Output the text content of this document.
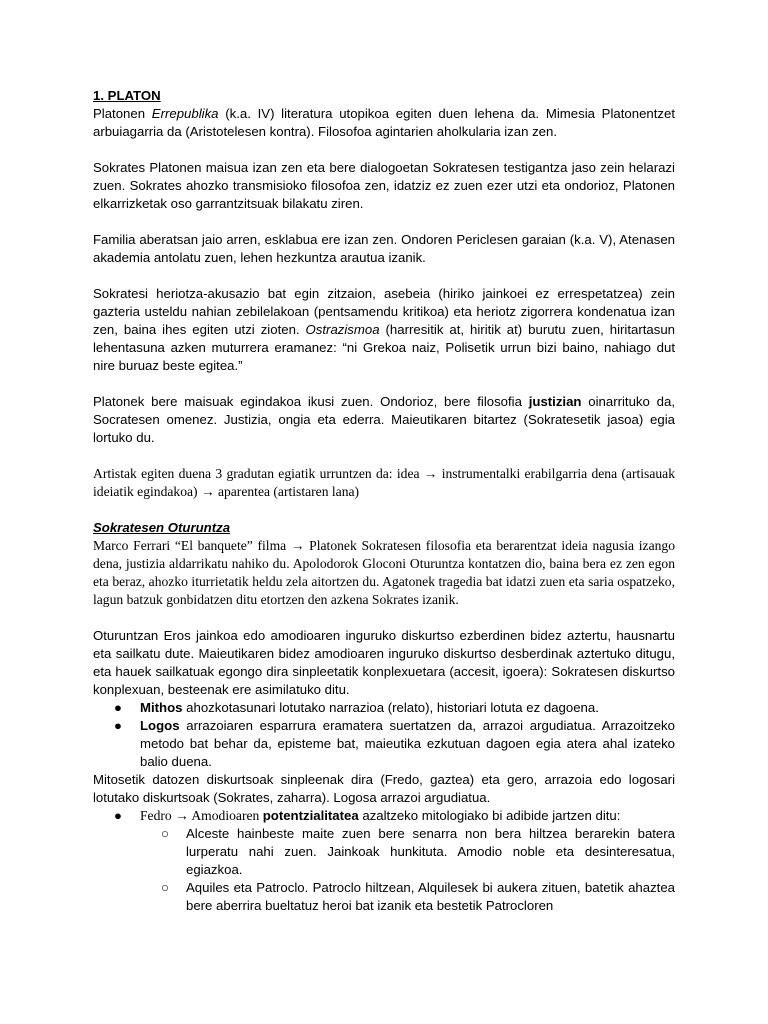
1. PLATON

Platonen Errepublika (k.a. IV) literatura utopikoa egiten duen lehena da. Mimesia Platonentzet arbuiagarria da (Aristotelesen kontra). Filosofoa agintarien aholkularia izan zen.

Sokrates Platonen maisua izan zen eta bere dialogoetan Sokratesen testigantza jaso zein helarazi zuen. Sokrates ahozko transmisioko filosofoa zen, idatziz ez zuen ezer utzi eta ondorioz, Platonen elkarrizketak oso garrantzitsuak bilakatu ziren.

Familia aberatsan jaio arren, esklabua ere izan zen. Ondoren Periclesen garaian (k.a. V), Atenasen akademia antolatu zuen, lehen hezkuntza arautua izanik.

Sokratesi heriotza-akusazio bat egin zitzaion, asebeia (hiriko jainkoei ez errespetatzea) zein gazteria usteldu nahian zebilelakoan (pentsamendu kritikoa) eta heriotz zigorrera kondenatua izan zen, baina ihes egiten utzi zioten. Ostrazismoa (harresitik at, hiritik at) burutu zuen, hiritartasun lehentasuna azken muturrera eramanez: “ni Grekoa naiz, Polisetik urrun bizi baino, nahiago dut nire buruaz beste egitea.”

Platonek bere maisuak egindakoa ikusi zuen. Ondorioz, bere filosofia justizian oinarrituko da, Socratesen omenez. Justizia, ongia eta ederra. Maieutikaren bitartez (Sokratesetik jasoa) egia lortuko du.

Artistak egiten duena 3 gradutan egiatik urruntzen da: idea → instrumentalki erabilgarria dena (artisauak ideiatik egindakoa) → aparentea (artistaren lana)

Sokratesen Oturuntza

Marco Ferrari “El banquete” filma → Platonek Sokratesen filosofia eta berarentzat ideia nagusia izango dena, justizia aldarrikatu nahiko du. Apolodorok Gloconi Oturuntza kontatzen dio, baina bera ez zen egon eta beraz, ahozko iturrietatik heldu zela aitortzen du. Agatonek tragedia bat idatzi zuen eta saria ospatzeko, lagun batzuk gonbidatzen ditu etortzen den azkena Sokrates izanik.

Oturuntzan Eros jainkoa edo amodioaren inguruko diskurtso ezberdinen bidez aztertu, hausnartu eta sailkatu dute. Maieutikaren bidez amodioaren inguruko diskurtso desberdinak aztertuko ditugu, eta hauek sailkatuak egongo dira sinpleetatik konplexuetara (accesit, igoera): Sokratesen diskurtso konplexuan, besteenak ere asimilatuko ditu.

● Mithos ahozkotasunari lotutako narrazioa (relato), historiari lotuta ez dagoena.
● Logos arrazoiaren esparrura eramatera suertatzen da, arrazoi argudiatua. Arrazoitzeko metodo bat behar da, episteme bat, maieutika ezkutuan dagoen egia atera ahal izateko balio duena.

Mitosetik datozen diskurtsoak sinpleenak dira (Fredo, gaztea) eta gero, arrazoia edo logosari lotutako diskurtsoak (Sokrates, zaharra). Logosa arrazoi argudiatua.

● Fedro → Amodioaren potentzialitatea azaltzeko mitologiako bi adibide jartzen ditu:
○ Alceste hainbeste maite zuen bere senarra non bera hiltzea berarekin batera lurperatu nahi zuen. Jainkoak hunkituta. Amodio noble eta desinteresatua, egiazkoa.
○ Aquiles eta Patroclo. Patroclo hiltzean, Alquilesek bi aukera zituen, batetik ahaztea bere aberrira bueltatuz heroi bat izanik eta bestetik Patrocloren
